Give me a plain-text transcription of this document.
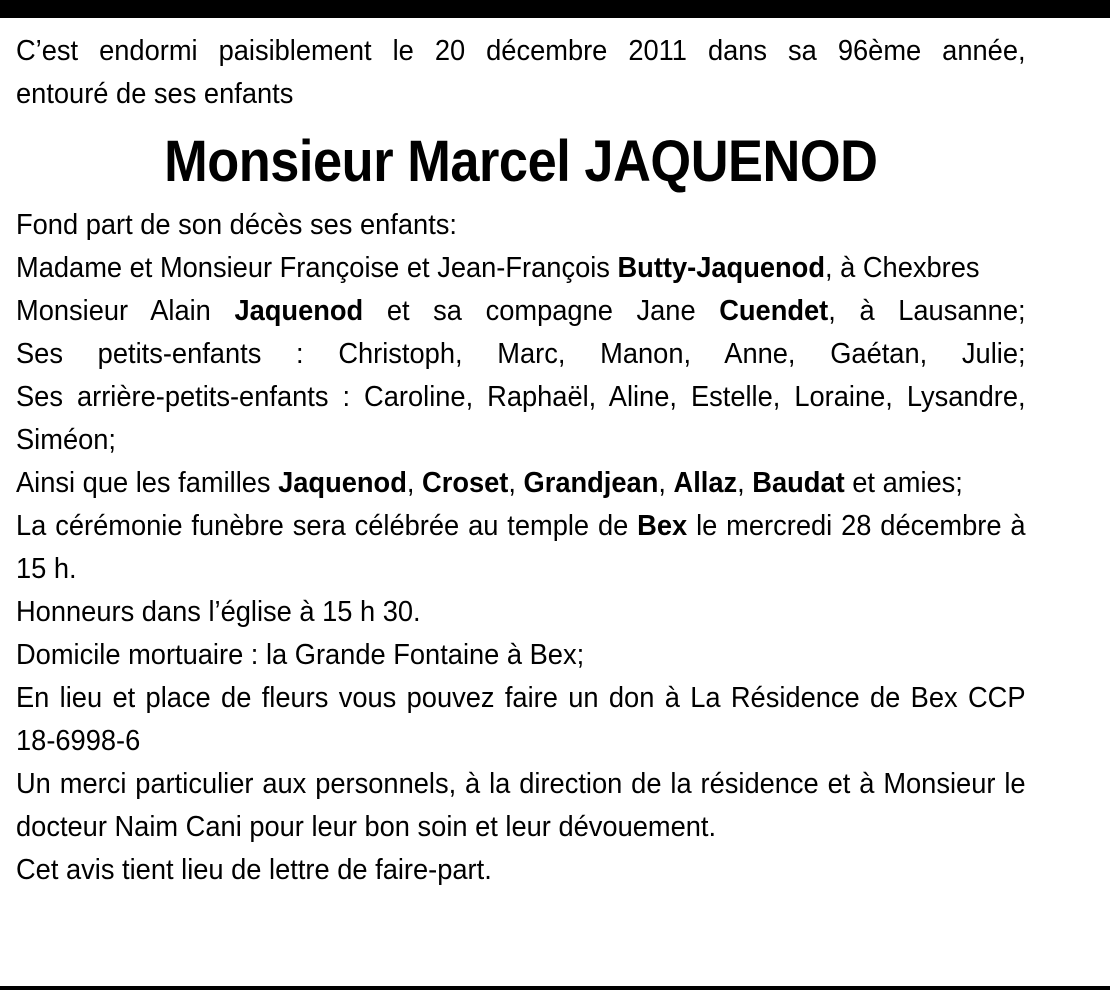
C’est endormi paisiblement le 20 décembre 2011 dans sa 96ème année,

entouré de ses enfants

Monsieur Marcel JAQUENOD

Fond part de son décès ses enfants:

Madame et Monsieur Françoise et Jean-François Butty-Jaquenod, à Chexbres

Monsieur Alain Jaquenod et sa compagne Jane Cuendet, à Lausanne;

Ses petits-enfants : Christoph, Marc, Manon, Anne, Gaétan, Julie;

Ses arrière-petits-enfants : Caroline, Raphaël, Aline, Estelle, Loraine, Lysandre, Siméon;

Ainsi que les familles Jaquenod, Croset, Grandjean, Allaz, Baudat et amies;

La cérémonie funèbre sera célébrée au temple de Bex le mercredi 28 décembre à 15 h.

Honneurs dans l’église à 15 h 30.

Domicile mortuaire : la Grande Fontaine à Bex;

En lieu et place de fleurs vous pouvez faire un don à La Résidence de Bex CCP 18-6998-6

Un merci particulier aux personnels, à la direction de la résidence et à Monsieur le docteur Naim Cani pour leur bon soin et leur dévouement.

Cet avis tient lieu de lettre de faire-part.
